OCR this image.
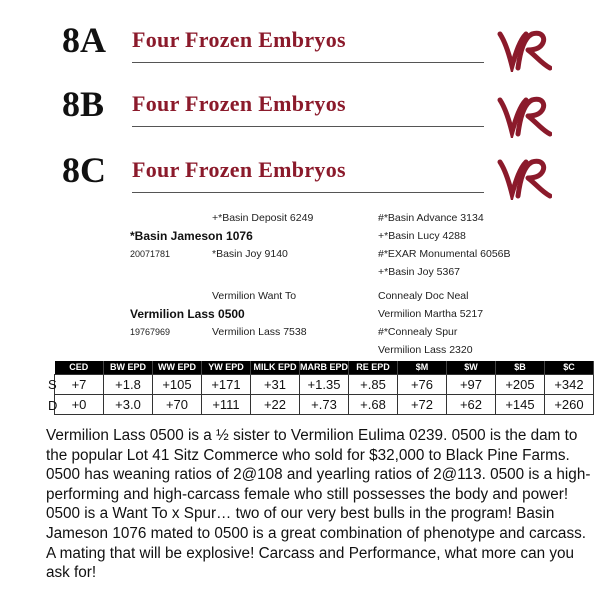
8A Four Frozen Embryos
8B Four Frozen Embryos
8C Four Frozen Embryos
+*Basin Deposit 6249
*Basin Jameson 1076
20071781	*Basin Joy 9140
#*Basin Advance 3134
+*Basin Lucy 4288
#*EXAR Monumental 6056B
+*Basin Joy 5367
Vermilion Want To
Vermilion Lass 0500
19767969	Vermilion Lass 7538
Connealy Doc Neal
Vermilion Martha 5217
#*Connealy Spur
Vermilion Lass 2320
CED	BW EPD	WW EPD	YW EPD	MILK EPD	MARB EPD	RE EPD	$M	$W	$B	$C
+7	+1.8	+105	+171	+31	+1.35	+.85	+76	+97	+205	+342
+0	+3.0	+70	+111	+22	+.73	+.68	+72	+62	+145	+260
S
D

Vermilion Lass 0500 is a ½ sister to Vermilion Eulima 0239. 0500 is the dam to the popular Lot 41 Sitz Commerce who sold for $32,000 to Black Pine Farms. 0500 has weaning ratios of 2@108 and yearling ratios of 2@113. 0500 is a high-performing and high-carcass female who still possesses the body and power! 0500 is a Want To x Spur… two of our very best bulls in the program! Basin Jameson 1076 mated to 0500 is a great combination of phenotype and carcass. A mating that will be explosive! Carcass and Performance, what more can you ask for!
